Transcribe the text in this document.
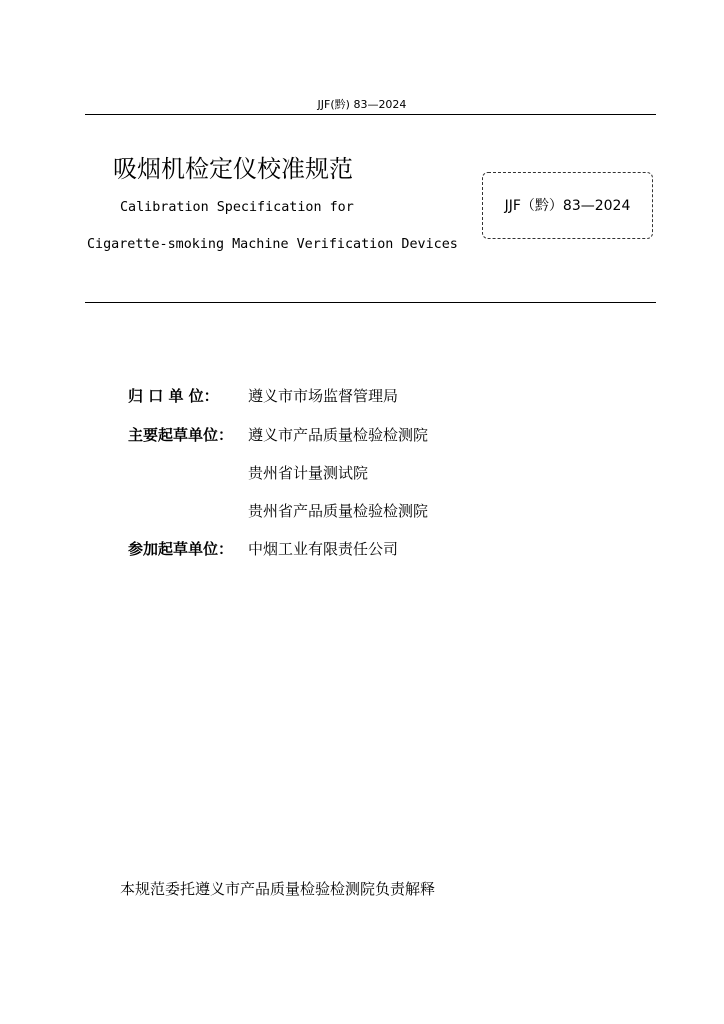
JJF(黔) 83—2024
吸烟机检定仪校准规范
Calibration Specification for
Cigarette-smoking Machine Verification Devices
JJF（黔）83—2024
归 口 单 位： 遵义市市场监督管理局
主要起草单位： 遵义市产品质量检验检测院
贵州省计量测试院
贵州省产品质量检验检测院
参加起草单位： 中烟工业有限责任公司
本规范委托遵义市产品质量检验检测院负责解释
